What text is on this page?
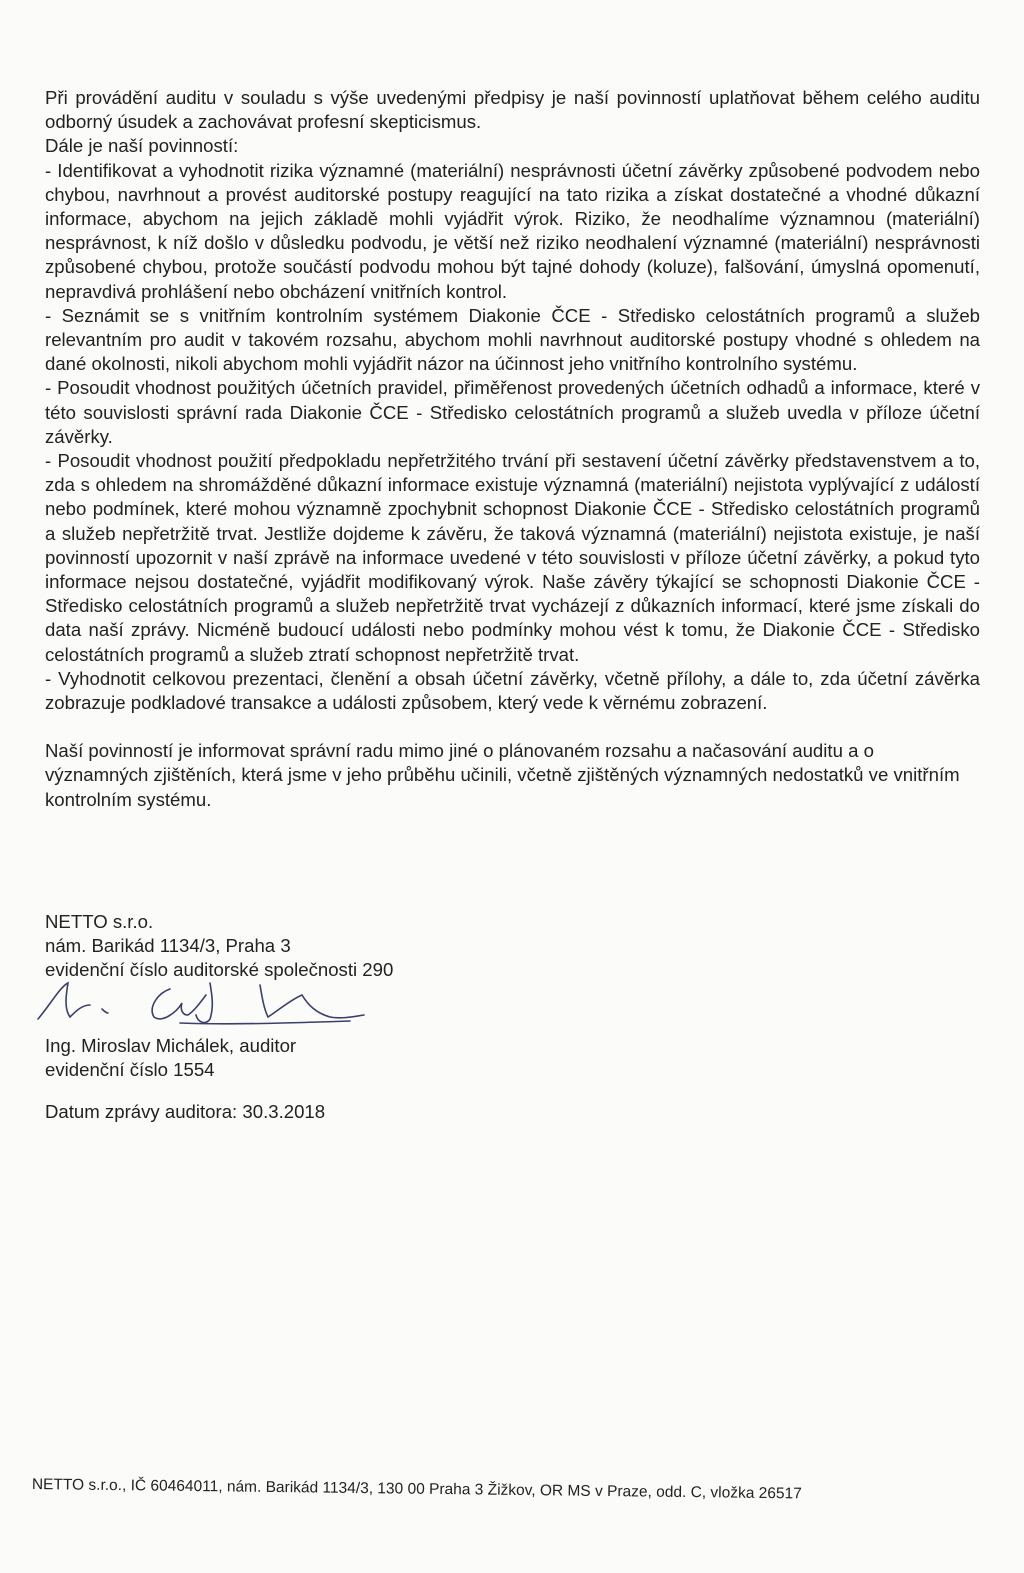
Při provádění auditu v souladu s výše uvedenými předpisy je naší povinností uplatňovat během celého auditu odborný úsudek a zachovávat profesní skepticismus.

Dále je naší povinností:

- Identifikovat a vyhodnotit rizika významné (materiální) nesprávnosti účetní závěrky způsobené podvodem nebo chybou, navrhnout a provést auditorské postupy reagující na tato rizika a získat dostatečné a vhodné důkazní informace, abychom na jejich základě mohli vyjádřit výrok. Riziko, že neodhalíme významnou (materiální) nesprávnost, k níž došlo v důsledku podvodu, je větší než riziko neodhalení významné (materiální) nesprávnosti způsobené chybou, protože součástí podvodu mohou být tajné dohody (koluze), falšování, úmyslná opomenutí, nepravdivá prohlášení nebo obcházení vnitřních kontrol.

- Seznámit se s vnitřním kontrolním systémem Diakonie ČCE - Středisko celostátních programů a služeb relevantním pro audit v takovém rozsahu, abychom mohli navrhnout auditorské postupy vhodné s ohledem na dané okolnosti, nikoli abychom mohli vyjádřit názor na účinnost jeho vnitřního kontrolního systému.

- Posoudit vhodnost použitých účetních pravidel, přiměřenost provedených účetních odhadů a informace, které v této souvislosti správní rada Diakonie ČCE - Středisko celostátních programů a služeb uvedla v příloze účetní závěrky.

- Posoudit vhodnost použití předpokladu nepřetržitého trvání při sestavení účetní závěrky představenstvem a to, zda s ohledem na shromážděné důkazní informace existuje významná (materiální) nejistota vyplývající z událostí nebo podmínek, které mohou významně zpochybnit schopnost Diakonie ČCE - Středisko celostátních programů a služeb nepřetržitě trvat. Jestliže dojdeme k závěru, že taková významná (materiální) nejistota existuje, je naší povinností upozornit v naší zprávě na informace uvedené v této souvislosti v příloze účetní závěrky, a pokud tyto informace nejsou dostatečné, vyjádřit modifikovaný výrok. Naše závěry týkající se schopnosti Diakonie ČCE - Středisko celostátních programů a služeb nepřetržitě trvat vycházejí z důkazních informací, které jsme získali do data naší zprávy. Nicméně budoucí události nebo podmínky mohou vést k tomu, že Diakonie ČCE - Středisko celostátních programů a služeb ztratí schopnost nepřetržitě trvat.

- Vyhodnotit celkovou prezentaci, členění a obsah účetní závěrky, včetně přílohy, a dále to, zda účetní závěrka zobrazuje podkladové transakce a události způsobem, který vede k věrnému zobrazení.

Naší povinností je informovat správní radu mimo jiné o plánovaném rozsahu a načasování auditu a o významných zjištěních, která jsme v jeho průběhu učinili, včetně zjištěných významných nedostatků ve vnitřním kontrolním systému.

NETTO s.r.o.

nám. Barikád 1134/3, Praha 3

evidenční číslo auditorské společnosti 290

Ing. Miroslav Michálek, auditor

evidenční číslo 1554

Datum zprávy auditora: 30.3.2018
NETTO s.r.o., IČ 60464011, nám. Barikád 1134/3, 130 00 Praha 3 Žižkov, OR MS v Praze, odd. C, vložka 26517
